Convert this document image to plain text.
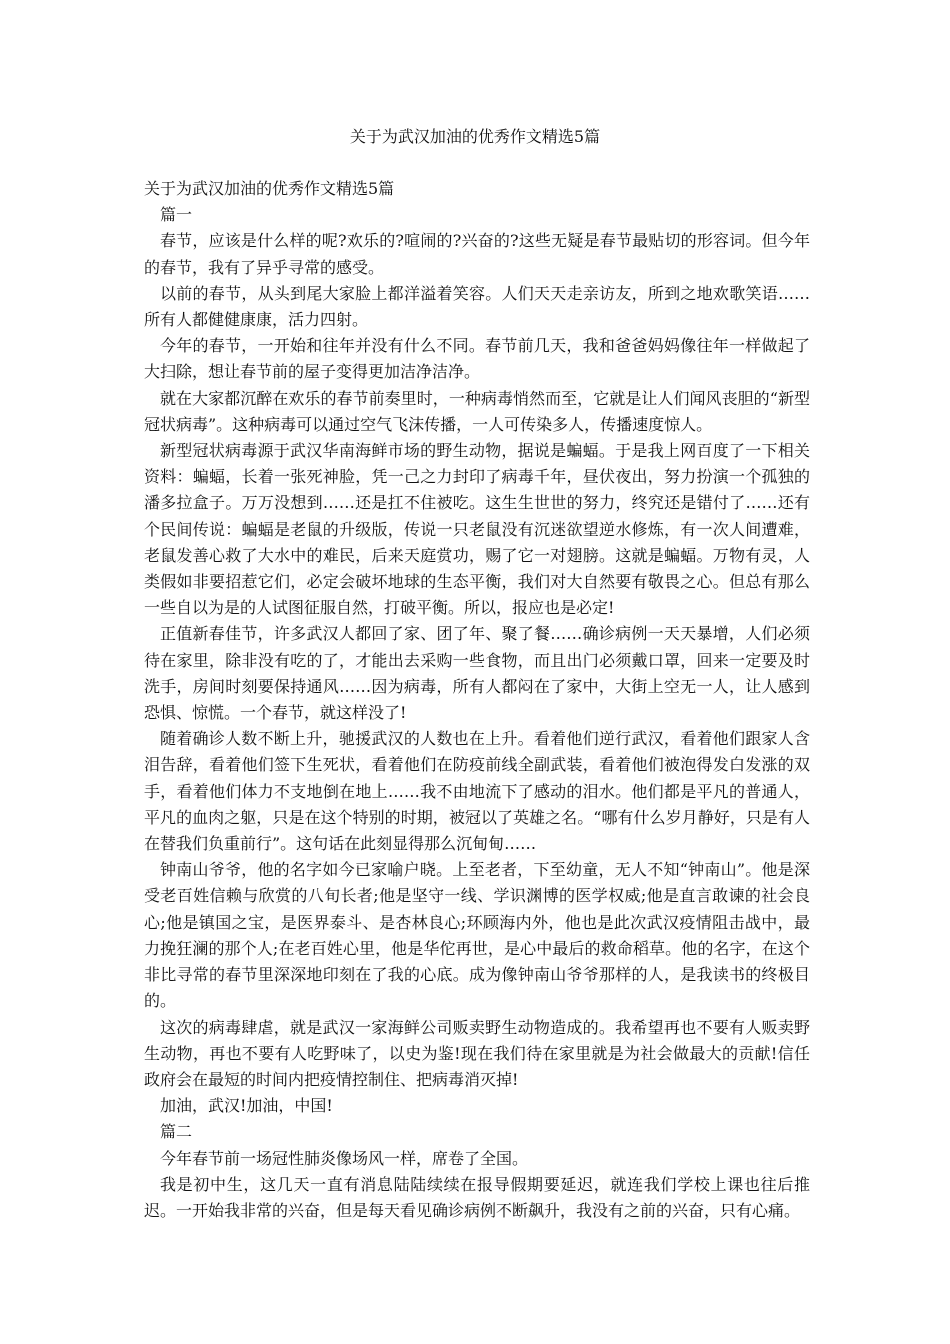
关于为武汉加油的优秀作文精选5篇

关于为武汉加油的优秀作文精选5篇

篇一

春节，应该是什么样的呢?欢乐的?喧闹的?兴奋的?这些无疑是春节最贴切的形容词。但今年的春节，我有了异乎寻常的感受。

以前的春节，从头到尾大家脸上都洋溢着笑容。人们天天走亲访友，所到之地欢歌笑语……所有人都健健康康，活力四射。

今年的春节，一开始和往年并没有什么不同。春节前几天，我和爸爸妈妈像往年一样做起了大扫除，想让春节前的屋子变得更加洁净洁净。

就在大家都沉醉在欢乐的春节前奏里时，一种病毒悄然而至，它就是让人们闻风丧胆的“新型冠状病毒”。这种病毒可以通过空气飞沫传播，一人可传染多人，传播速度惊人。

新型冠状病毒源于武汉华南海鲜市场的野生动物，据说是蝙蝠。于是我上网百度了一下相关资料：蝙蝠，长着一张死神脸，凭一己之力封印了病毒千年，昼伏夜出，努力扮演一个孤独的潘多拉盒子。万万没想到……还是扛不住被吃。这生生世世的努力，终究还是错付了……还有个民间传说：蝙蝠是老鼠的升级版，传说一只老鼠没有沉迷欲望逆水修炼，有一次人间遭难，老鼠发善心救了大水中的难民，后来天庭赏功，赐了它一对翅膀。这就是蝙蝠。万物有灵，人类假如非要招惹它们，必定会破坏地球的生态平衡，我们对大自然要有敬畏之心。但总有那么一些自以为是的人试图征服自然，打破平衡。所以，报应也是必定!

正值新春佳节，许多武汉人都回了家、团了年、聚了餐……确诊病例一天天暴增，人们必须待在家里，除非没有吃的了，才能出去采购一些食物，而且出门必须戴口罩，回来一定要及时洗手，房间时刻要保持通风……因为病毒，所有人都闷在了家中，大街上空无一人，让人感到恐惧、惊慌。一个春节，就这样没了!

随着确诊人数不断上升，驰援武汉的人数也在上升。看着他们逆行武汉，看着他们跟家人含泪告辞，看着他们签下生死状，看着他们在防疫前线全副武装，看着他们被泡得发白发涨的双手，看着他们体力不支地倒在地上……我不由地流下了感动的泪水。他们都是平凡的普通人，平凡的血肉之躯，只是在这个特别的时期，被冠以了英雄之名。“哪有什么岁月静好，只是有人在替我们负重前行”。这句话在此刻显得那么沉甸甸……

钟南山爷爷，他的名字如今已家喻户晓。上至老者，下至幼童，无人不知“钟南山”。他是深受老百姓信赖与欣赏的八旬长者;他是坚守一线、学识渊博的医学权威;他是直言敢谏的社会良心;他是镇国之宝，是医界泰斗、是杏林良心;环顾海内外，他也是此次武汉疫情阻击战中，最力挽狂澜的那个人;在老百姓心里，他是华佗再世，是心中最后的救命稻草。他的名字，在这个非比寻常的春节里深深地印刻在了我的心底。成为像钟南山爷爷那样的人，是我读书的终极目的。

这次的病毒肆虐，就是武汉一家海鲜公司贩卖野生动物造成的。我希望再也不要有人贩卖野生动物，再也不要有人吃野味了，以史为鉴!现在我们待在家里就是为社会做最大的贡献!信任政府会在最短的时间内把疫情控制住、把病毒消灭掉!

加油，武汉!加油，中国!

篇二

今年春节前一场冠性肺炎像场风一样，席卷了全国。

我是初中生，这几天一直有消息陆陆续续在报导假期要延迟，就连我们学校上课也往后推迟。一开始我非常的兴奋，但是每天看见确诊病例不断飙升，我没有之前的兴奋，只有心痛。
